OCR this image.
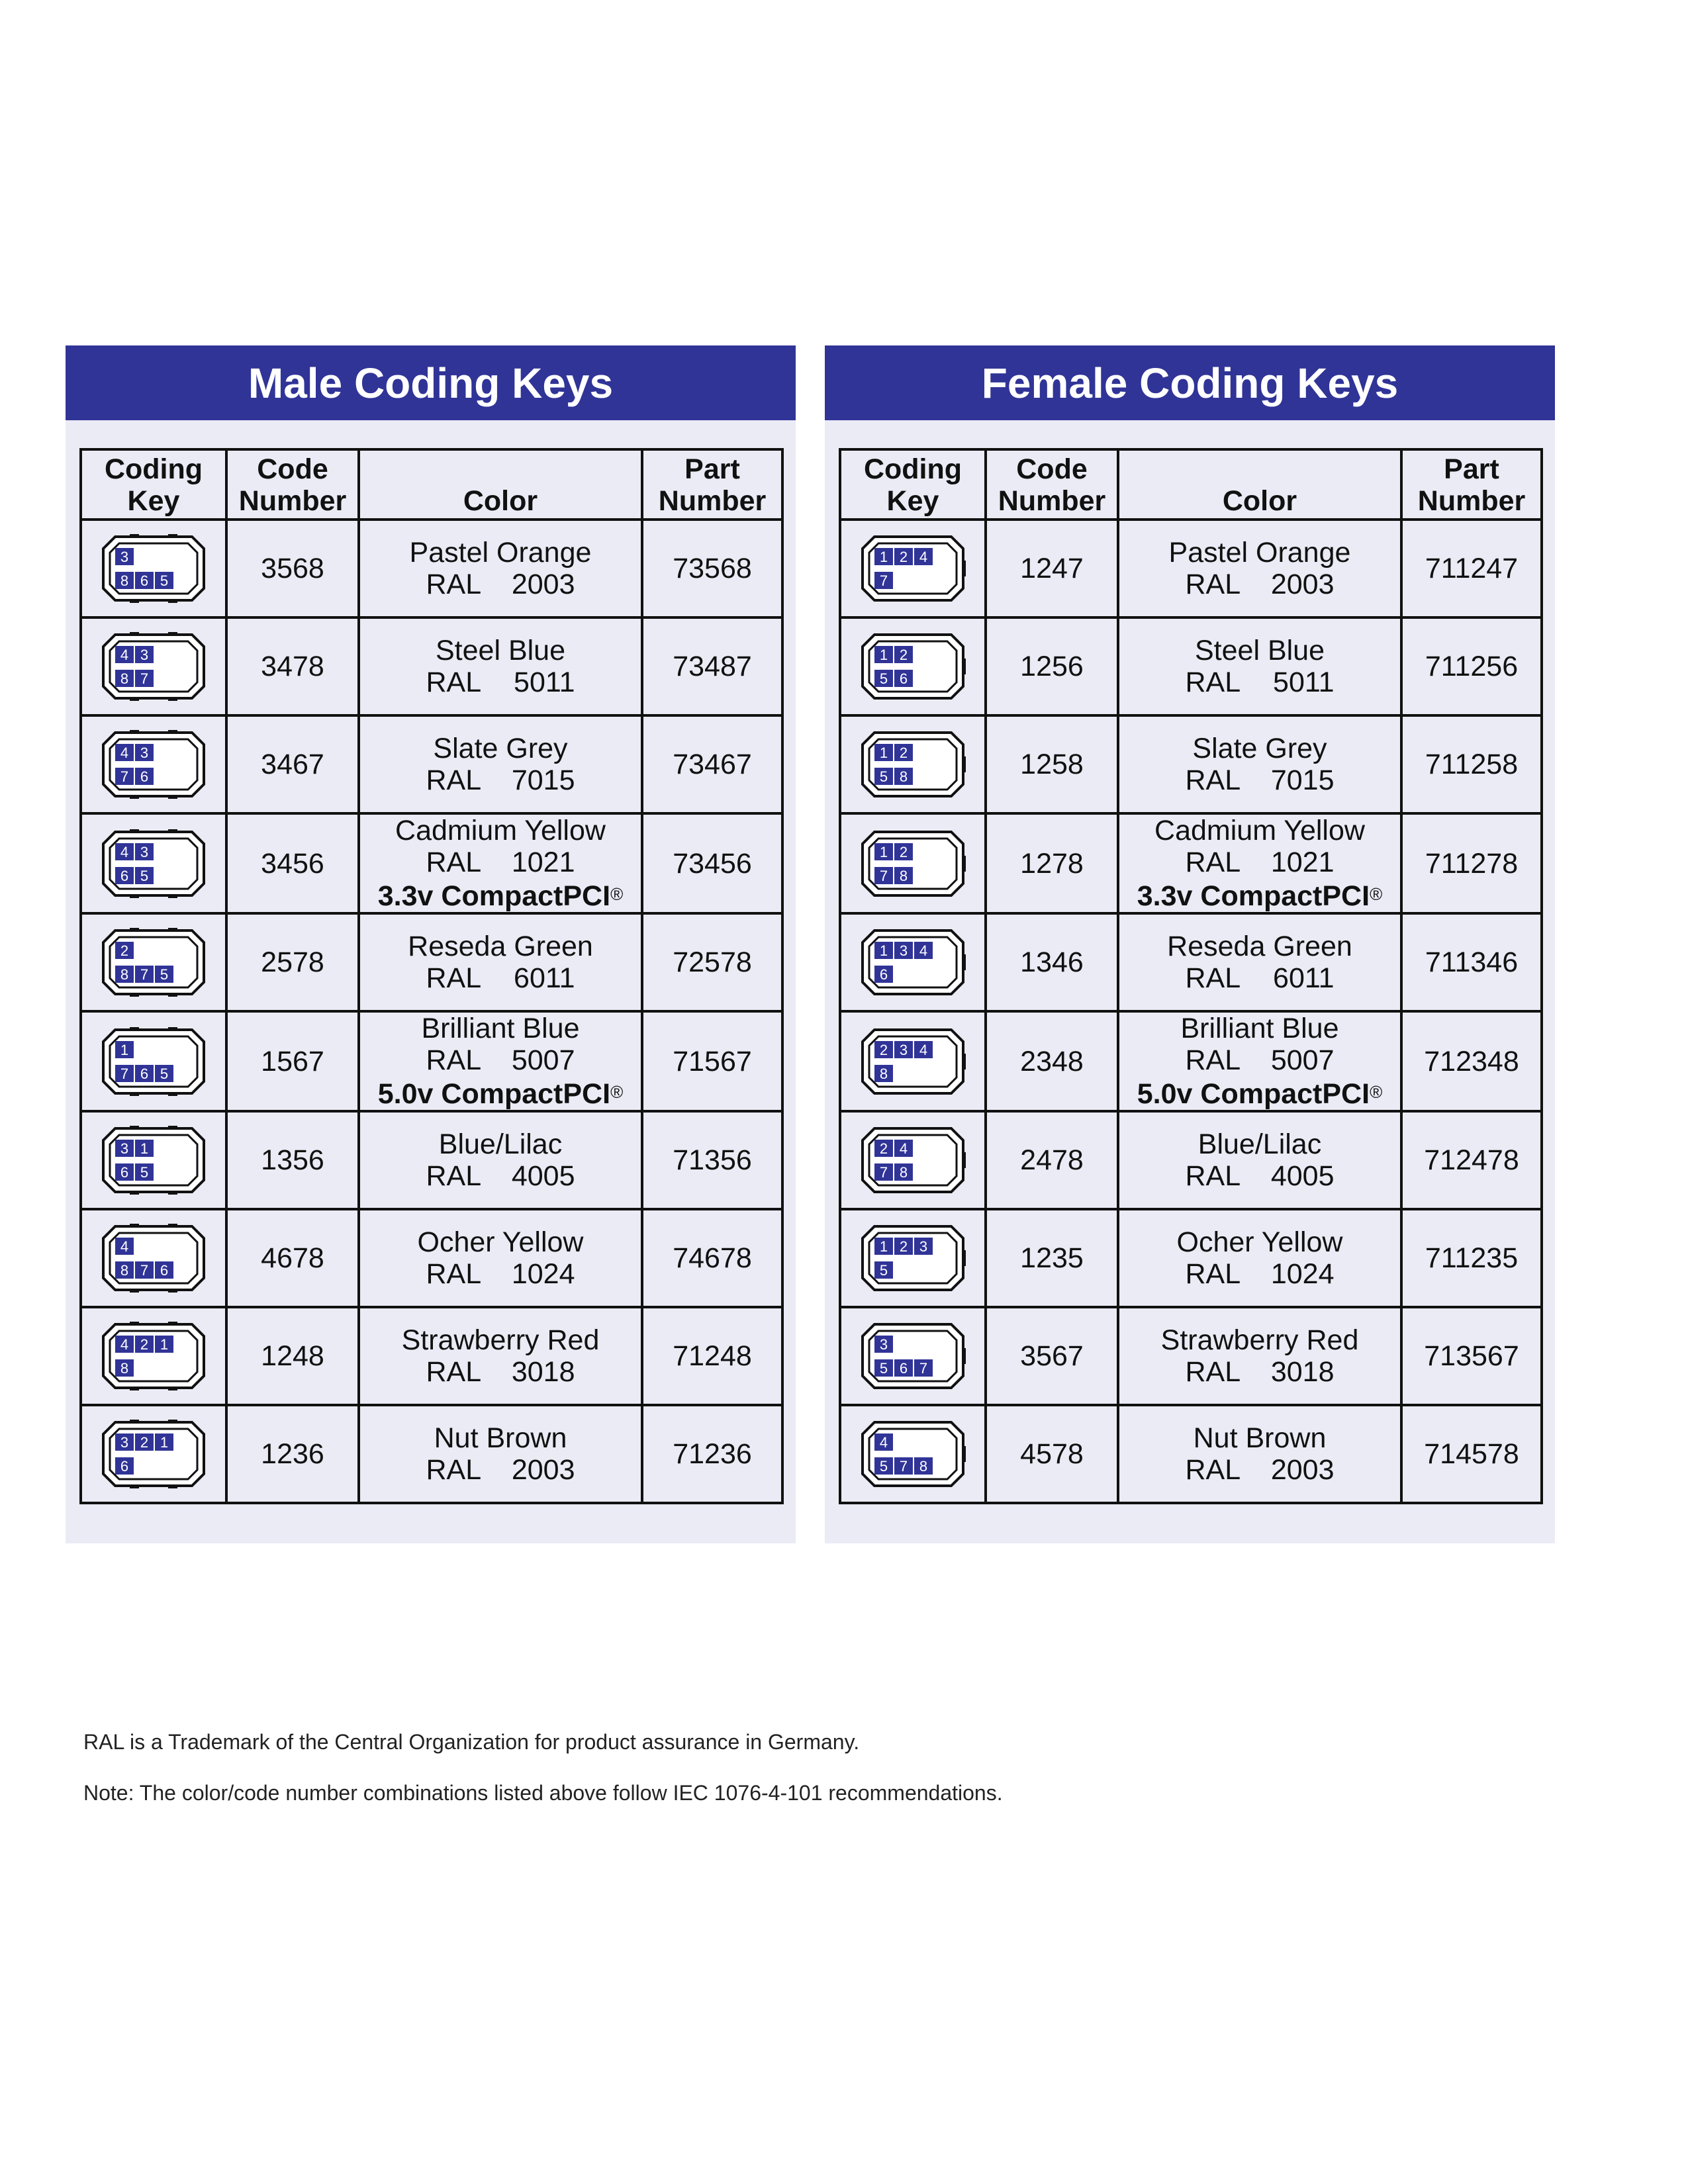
Male Coding Keys
Coding
Key	Code
Number	Color	Part
Number

3
8 6 5	3568	Pastel Orange
RAL 2003	73568

4 3
8 7	3478	Steel Blue
RAL 5011	73487

4 3
7 6	3467	Slate Grey
RAL 7015	73467

4 3
6 5	3456	Cadmium Yellow
RAL 1021
3.3v CompactPCI®	73456

2
8 7 5	2578	Reseda Green
RAL 6011	72578

1
7 6 5	1567	Brilliant Blue
RAL 5007
5.0v CompactPCI®	71567

3 1
6 5	1356	Blue/Lilac
RAL 4005	71356

4
8 7 6	4678	Ocher Yellow
RAL 1024	74678

4 2 1
8	1248	Strawberry Red
RAL 3018	71248

3 2 1
6	1236	Nut Brown
RAL 2003	71236
Female Coding Keys
Coding
Key	Code
Number	Color	Part
Number

1 2 4
7	1247	Pastel Orange
RAL 2003	711247

1 2
5 6	1256	Steel Blue
RAL 5011	711256

1 2
5 8	1258	Slate Grey
RAL 7015	711258

1 2
7 8	1278	Cadmium Yellow
RAL 1021
3.3v CompactPCI®	711278

1 3 4
6	1346	Reseda Green
RAL 6011	711346

2 3 4
8	2348	Brilliant Blue
RAL 5007
5.0v CompactPCI®	712348

2 4
7 8	2478	Blue/Lilac
RAL 4005	712478

1 2 3
5	1235	Ocher Yellow
RAL 1024	711235

3
5 6 7	3567	Strawberry Red
RAL 3018	713567

4
5 7 8	4578	Nut Brown
RAL 2003	714578
RAL is a Trademark of the Central Organization for product assurance in Germany.
Note: The color/code number combinations listed above follow IEC 1076-4-101 recommendations.
